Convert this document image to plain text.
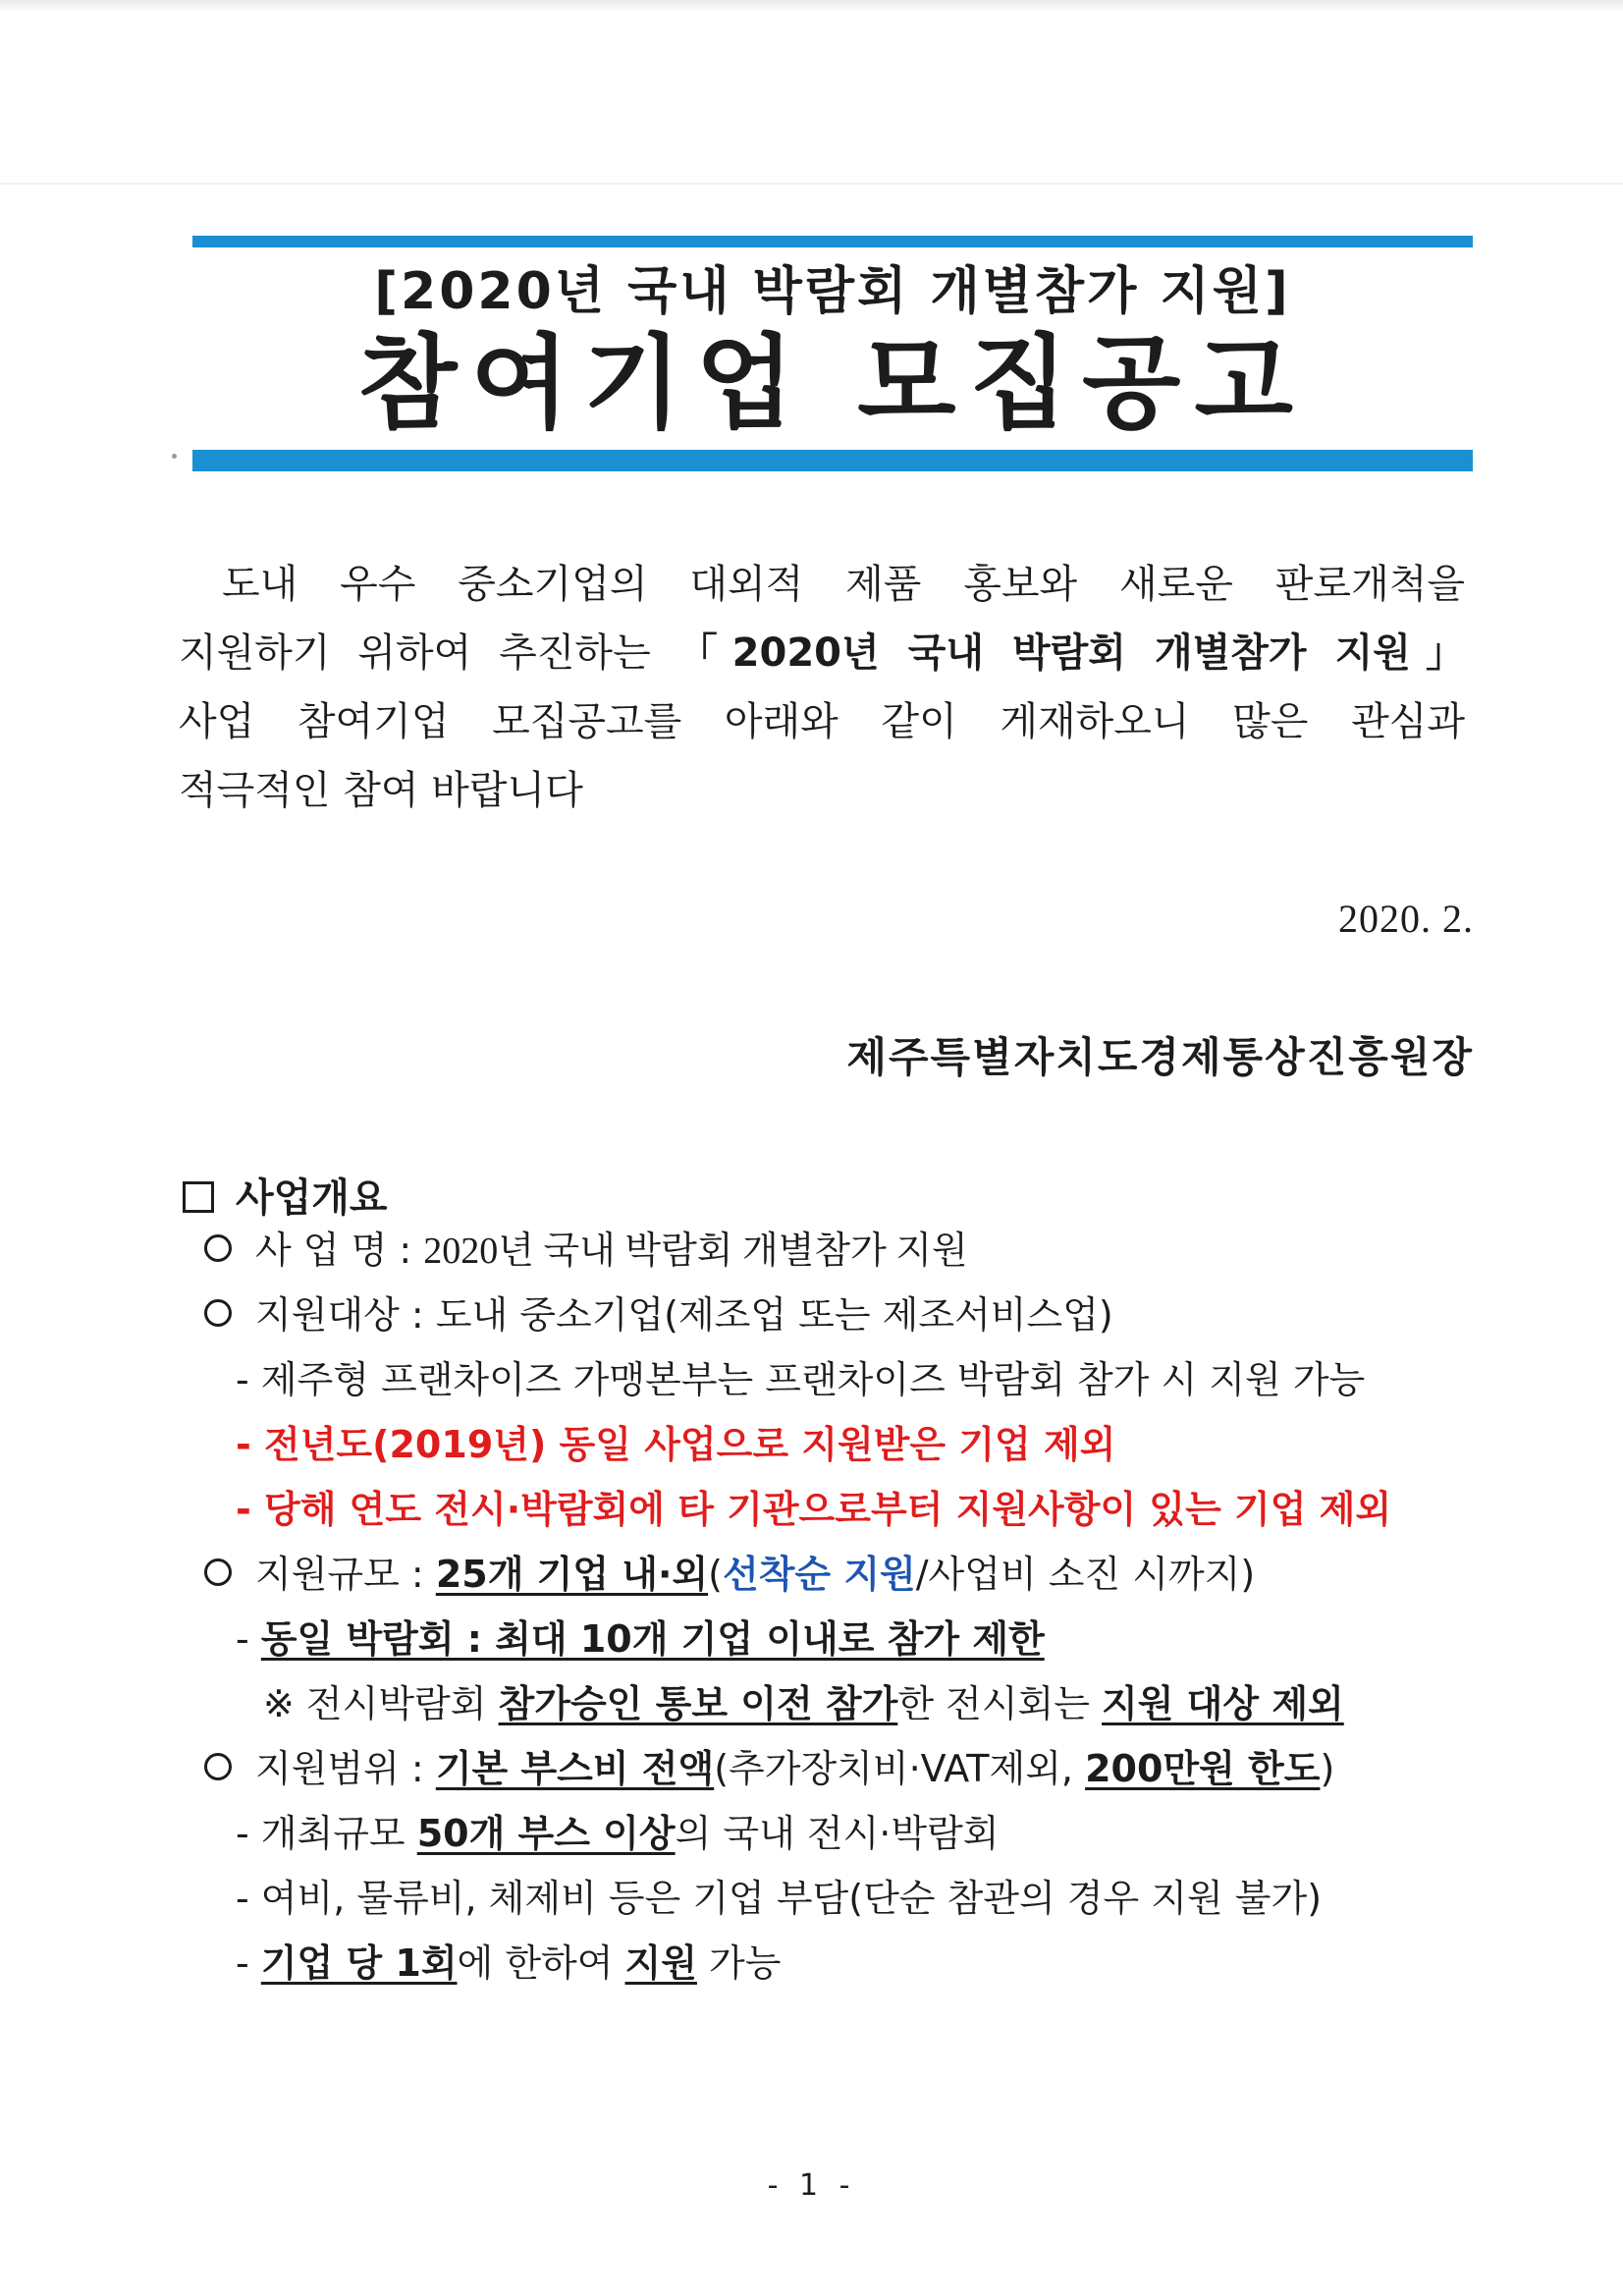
[2020년 국내 박람회 개별참가 지원]
참여기업 모집공고
도내 우수 중소기업의 대외적 제품 홍보와 새로운 판로개척을
지원하기 위하여 추진하는 「2020년 국내 박람회 개별참가 지원」
사업 참여기업 모집공고를 아래와 같이 게재하오니 많은 관심과
적극적인 참여 바랍니다
2020. 2.
제주특별자치도경제통상진흥원장
사업개요
사 업 명 : 2020년 국내 박람회 개별참가 지원
지원대상 : 도내 중소기업(제조업 또는 제조서비스업)
- 제주형 프랜차이즈 가맹본부는 프랜차이즈 박람회 참가 시 지원 가능
- 전년도(2019년) 동일 사업으로 지원받은 기업 제외
- 당해 연도 전시·박람회에 타 기관으로부터 지원사항이 있는 기업 제외
지원규모 : 25개 기업 내·외(선착순 지원/사업비 소진 시까지)
- 동일 박람회 : 최대 10개 기업 이내로 참가 제한
※ 전시박람회 참가승인 통보 이전 참가한 전시회는 지원 대상 제외
지원범위 : 기본 부스비 전액(추가장치비·VAT제외, 200만원 한도)
- 개최규모 50개 부스 이상의 국내 전시·박람회
- 여비, 물류비, 체제비 등은 기업 부담(단순 참관의 경우 지원 불가)
- 기업 당 1회에 한하여 지원 가능
- 1 -
